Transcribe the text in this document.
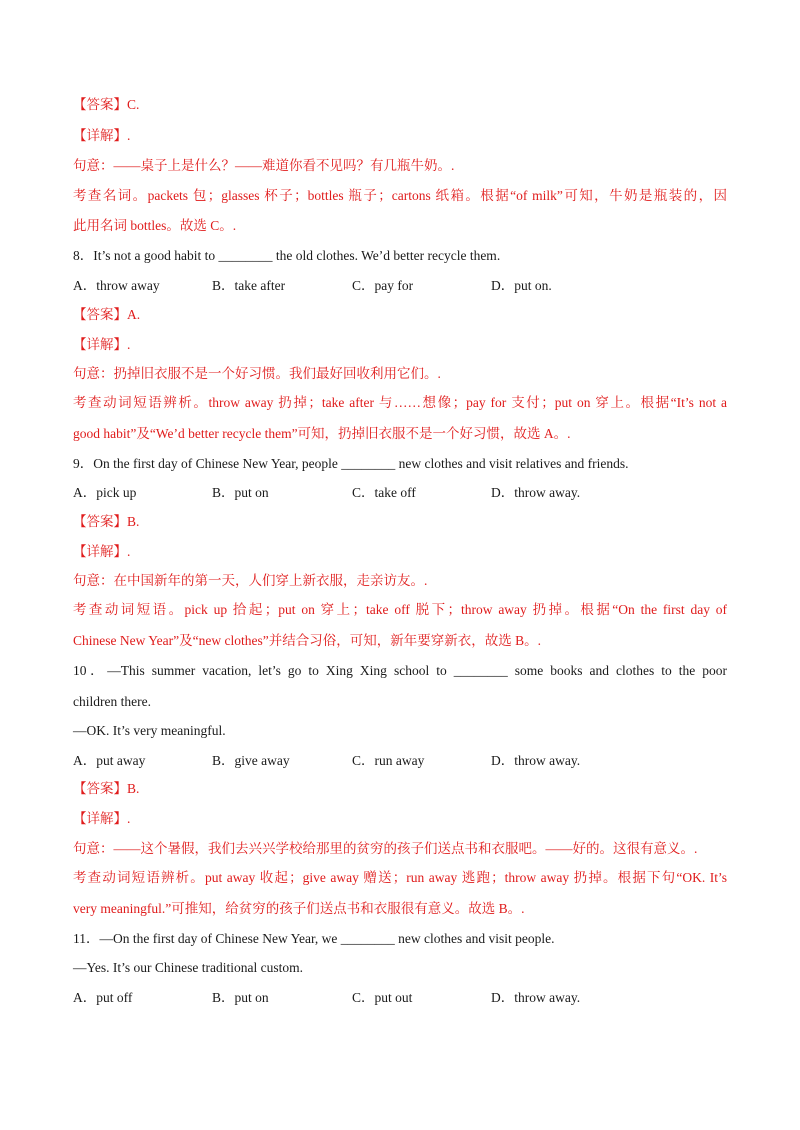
【答案】C.
【详解】.
句意：——桌子上是什么？——难道你看不见吗？有几瓶牛奶。.
考查名词。packets 包；glasses 杯子；bottles 瓶子；cartons 纸箱。根据“of milk”可知，牛奶是瓶装的，因
此用名词 bottles。故选 C。.
8．It’s not a good habit to ________ the old clothes. We’d better recycle them.
A．throw away	B．take after	C．pay for	D．put on.
【答案】A.
【详解】.
句意：扔掉旧衣服不是一个好习惯。我们最好回收利用它们。.
考查动词短语辨析。throw away 扔掉；take after 与……想像；pay for 支付；put on 穿上。根据“It’s not a
good habit”及“We’d better recycle them”可知，扔掉旧衣服不是一个好习惯，故选 A。.
9．On the first day of Chinese New Year, people ________ new clothes and visit relatives and friends.
A．pick up	B．put on	C．take off	D．throw away.
【答案】B.
【详解】.
句意：在中国新年的第一天，人们穿上新衣服，走亲访友。.
考查动词短语。pick up 拾起；put on 穿上；take off 脱下；throw away 扔掉。根据“On the first day of
Chinese New Year”及“new clothes”并结合习俗，可知，新年要穿新衣，故选 B。.
10．—This summer vacation, let’s go to Xing Xing school to ________ some books and clothes to the poor
children there.
—OK. It’s very meaningful.
A．put away	B．give away	C．run away	D．throw away.
【答案】B.
【详解】.
句意：——这个暑假，我们去兴兴学校给那里的贫穷的孩子们送点书和衣服吧。——好的。这很有意义。.
考查动词短语辨析。put away 收起；give away 赠送；run away 逃跑；throw away 扔掉。根据下句“OK. It’s
very meaningful.”可推知，给贫穷的孩子们送点书和衣服很有意义。故选 B。.
11．—On the first day of Chinese New Year, we ________ new clothes and visit people.
—Yes. It’s our Chinese traditional custom.
A．put off	B．put on	C．put out	D．throw away.
